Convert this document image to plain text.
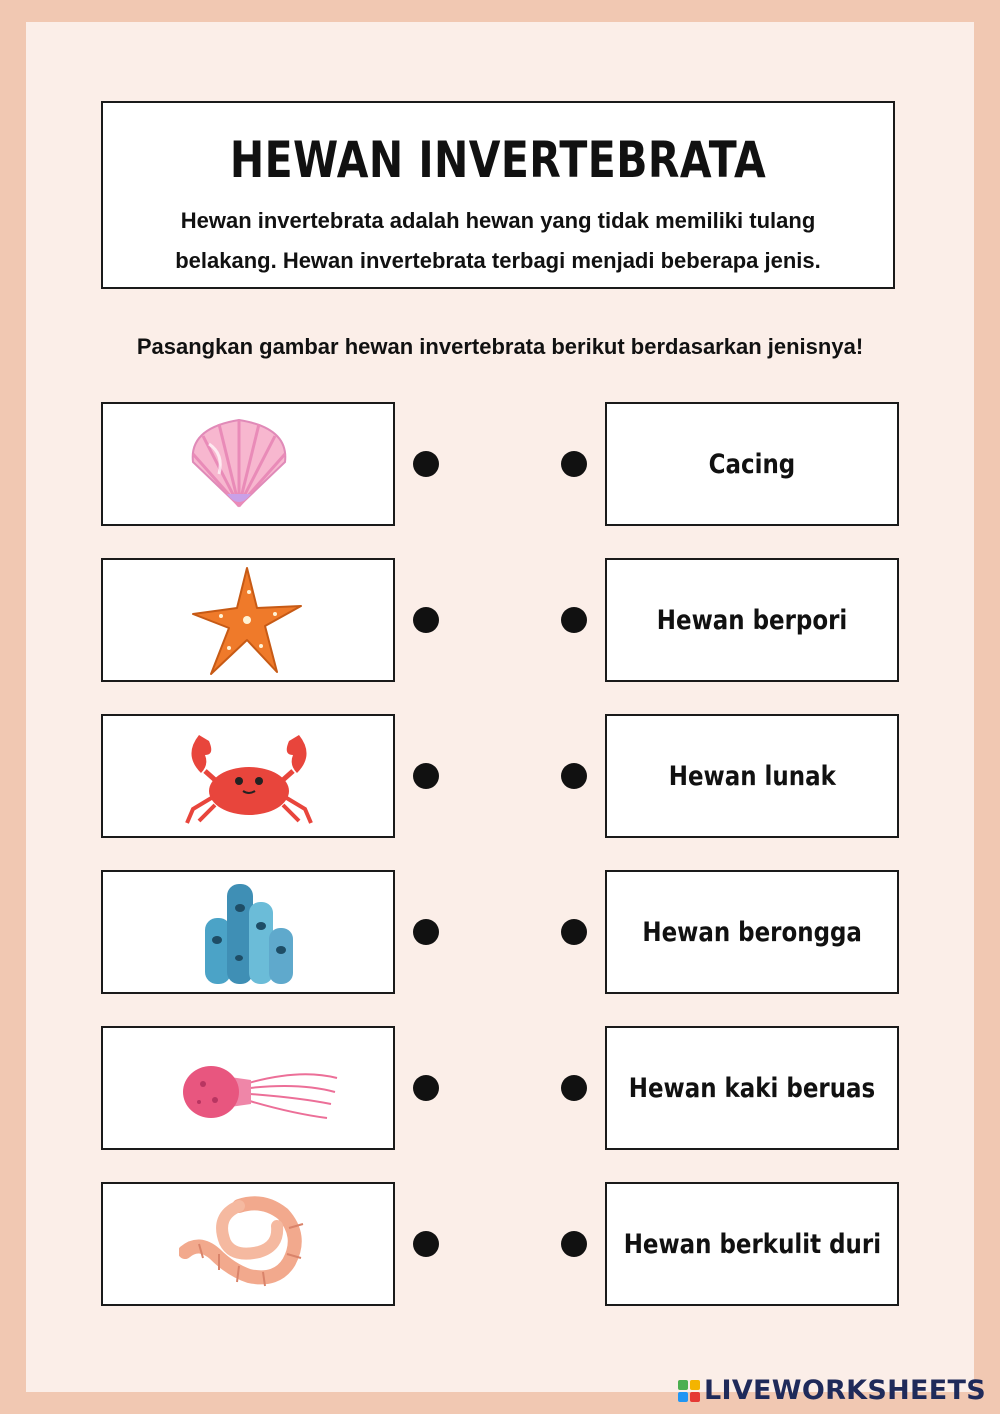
HEWAN INVERTEBRATA
Hewan invertebrata adalah hewan yang tidak memiliki tulang
belakang. Hewan invertebrata terbagi menjadi beberapa jenis.
Pasangkan gambar hewan invertebrata berikut berdasarkan jenisnya!
Cacing
Hewan berpori
Hewan lunak
Hewan berongga
Hewan kaki beruas
Hewan berkulit duri
LIVEWORKSHEETS
